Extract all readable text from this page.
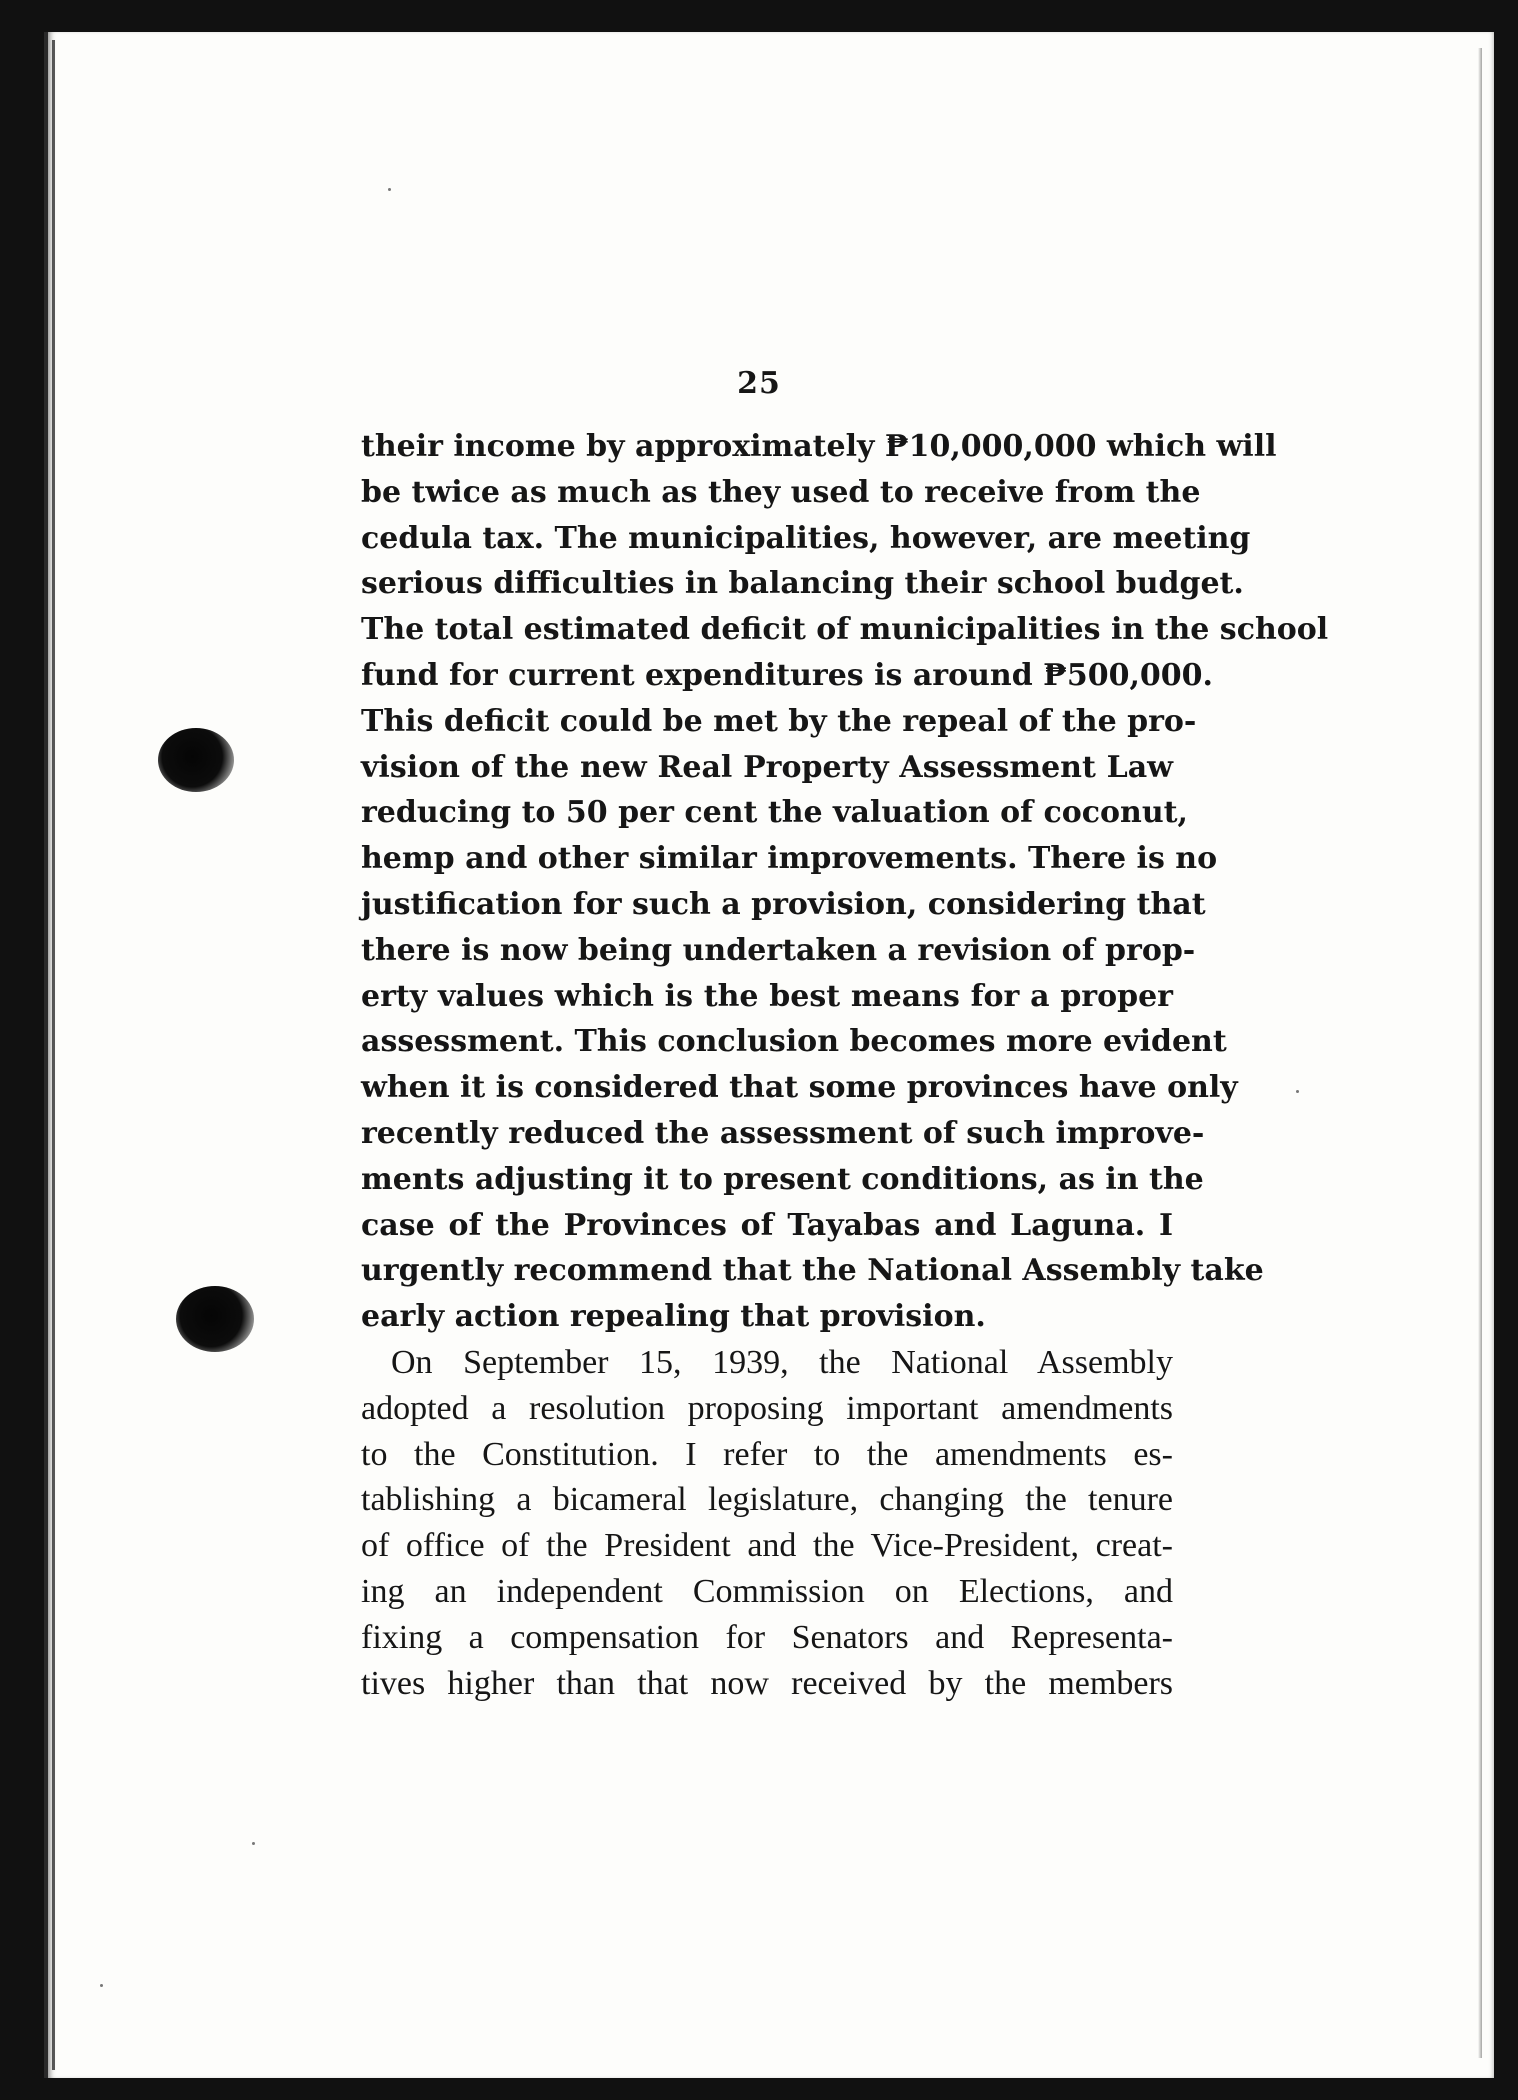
25
their income by approximately ₱10,000,000 which will
be twice as much as they used to receive from the
cedula tax. The municipalities, however, are meeting
serious difficulties in balancing their school budget.
The total estimated deficit of municipalities in the school
fund for current expenditures is around ₱500,000.
This deficit could be met by the repeal of the pro-
vision of the new Real Property Assessment Law
reducing to 50 per cent the valuation of coconut,
hemp and other similar improvements. There is no
justification for such a provision, considering that
there is now being undertaken a revision of prop-
erty values which is the best means for a proper
assessment. This conclusion becomes more evident
when it is considered that some provinces have only
recently reduced the assessment of such improve-
ments adjusting it to present conditions, as in the
case of the Provinces of Tayabas and Laguna. I
urgently recommend that the National Assembly take
early action repealing that provision.
On September 15, 1939, the National Assembly
adopted a resolution proposing important amendments
to the Constitution. I refer to the amendments es-
tablishing a bicameral legislature, changing the tenure
of office of the President and the Vice-President, creat-
ing an independent Commission on Elections, and
fixing a compensation for Senators and Representa-
tives higher than that now received by the members
